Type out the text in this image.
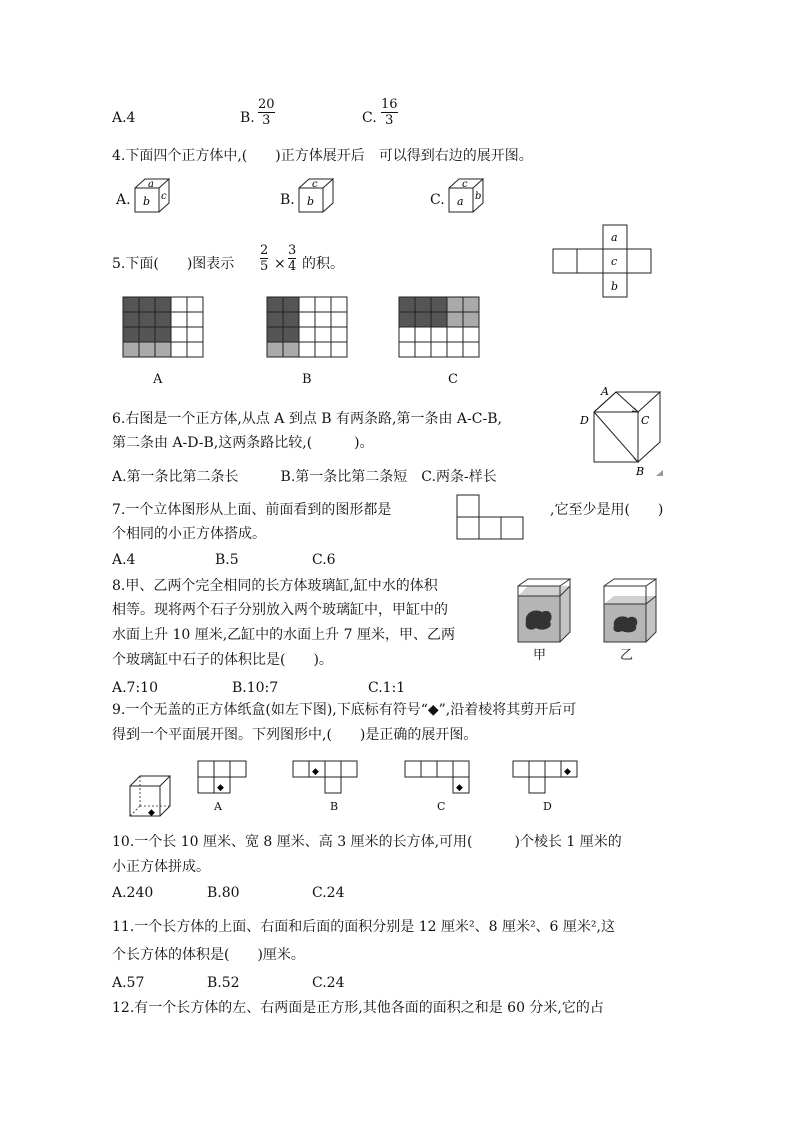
A.4	B.
20
3	C.
16
3
4.下面四个正方体中,(　　)正方体展开后　可以得到右边的展开图。
A.
a
b c	B.
c
b	C.
c
a b
a
c
b
5.下面(　　)图表示
2
5 ×
3
4 的积。
A	B	C
6.右图是一个正方体,从点 A 到点 B 有两条路,第一条由 A-C-B,
第二条由 A-D-B,这两条路比较,(　　　)。
A.第一条比第二条长　　　B.第一条比第二条短　C.两条-样长
A
C
D
B
7.一个立体图形从上面、前面看到的图形都是	,它至少是用(　　)
个相同的小正方体搭成。
A.4	B.5	C.6
8.甲、乙两个完全相同的长方体玻璃缸,缸中水的体积
相等。现将两个石子分别放入两个玻璃缸中，甲缸中的
水面上升 10 厘米,乙缸中的水面上升 7 厘米，甲、乙两
个玻璃缸中石子的体积比是(　　)。
A.7:10	B.10:7	C.1:1
甲	乙
9.一个无盖的正方体纸盒(如左下图),下底标有符号“◆”,沿着棱将其剪开后可
得到一个平面展开图。下列图形中,(　　)是正确的展开图。
◆
◆
A
◆
B
◆
C
◆
D
10.一个长 10 厘米、宽 8 厘米、高 3 厘米的长方体,可用(　　　)个棱长 1 厘米的
小正方体拼成。
A.240	B.80	C.24
11.一个长方体的上面、右面和后面的面积分别是 12 厘米²、8 厘米²、6 厘米²,这
个长方体的体积是(　　)厘米。
A.57	B.52	C.24
12.有一个长方体的左、右两面是正方形,其他各面的面积之和是 60 分米,它的占
